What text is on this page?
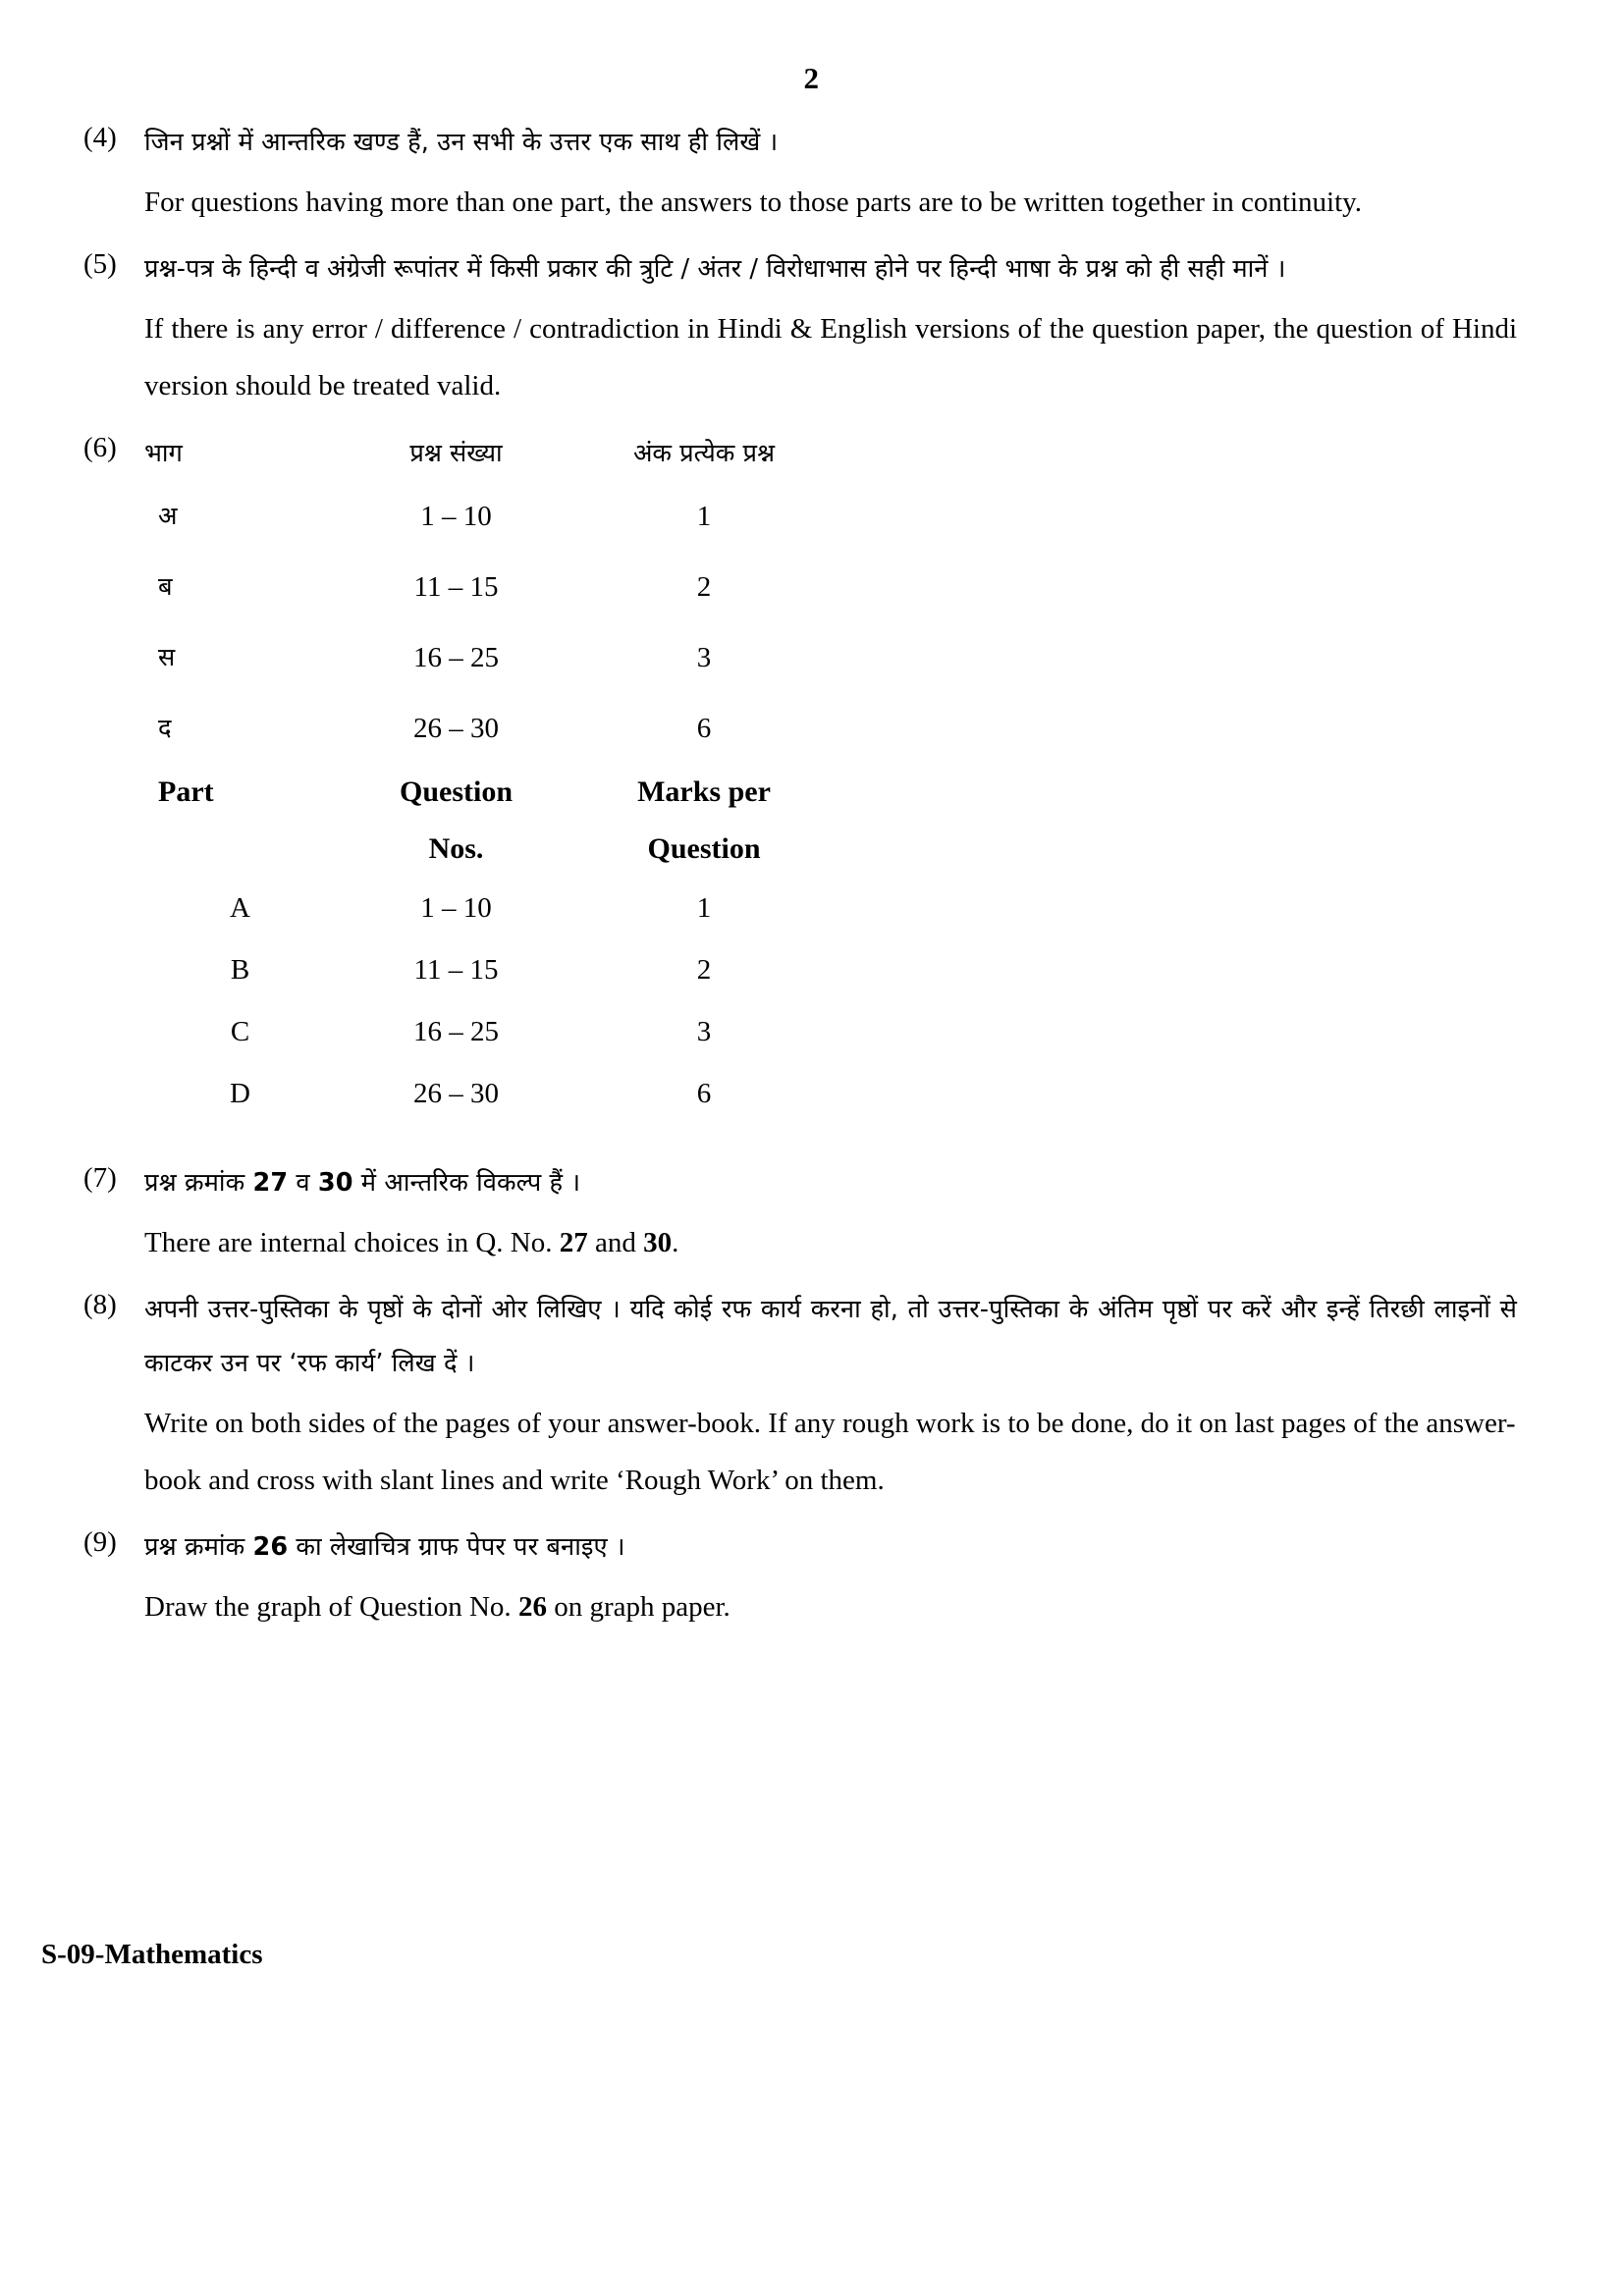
2
(4)	जिन प्रश्नों में आन्तरिक खण्ड हैं, उन सभी के उत्तर एक साथ ही लिखें ।

For questions having more than one part, the answers to those parts are to be written together in continuity.

(5)	प्रश्न-पत्र के हिन्दी व अंग्रेजी रूपांतर में किसी प्रकार की त्रुटि / अंतर / विरोधाभास होने पर हिन्दी भाषा के प्रश्न को ही सही मानें ।

If there is any error / difference / contradiction in Hindi & English versions of the question paper, the question of Hindi version should be treated valid.

(6)	भाग	प्रश्न संख्या	अंक प्रत्येक प्रश्न
अ	1 – 10	1
ब	11 – 15	2
स	16 – 25	3
द	26 – 30	6
Part	Question	Marks per
	Nos.	Question
A	1 – 10	1
B	11 – 15	2
C	16 – 25	3
D	26 – 30	6
(7)	प्रश्न क्रमांक 27 व 30 में आन्तरिक विकल्प हैं ।

There are internal choices in Q. No. 27 and 30.

(8)	अपनी उत्तर-पुस्तिका के पृष्ठों के दोनों ओर लिखिए । यदि कोई रफ कार्य करना हो, तो उत्तर-पुस्तिका के अंतिम पृष्ठों पर करें और इन्हें तिरछी लाइनों से काटकर उन पर ‘रफ कार्य’ लिख दें ।

Write on both sides of the pages of your answer-book. If any rough work is to be done, do it on last pages of the answer-book and cross with slant lines and write ‘Rough Work’ on them.

(9)	प्रश्न क्रमांक 26 का लेखाचित्र ग्राफ पेपर पर बनाइए ।

Draw the graph of Question No. 26 on graph paper.

S-09-Mathematics
